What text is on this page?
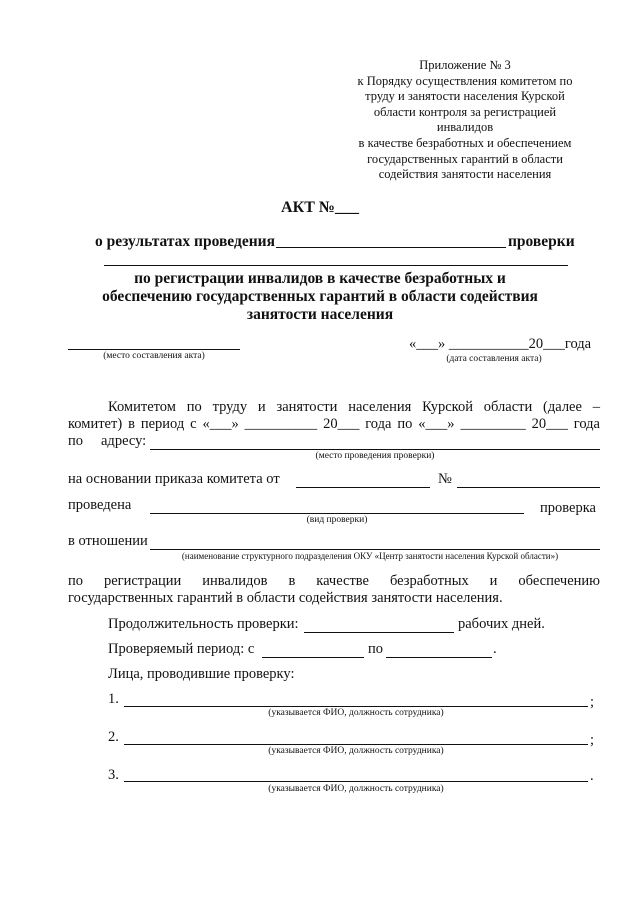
Приложение № 3
к Порядку осуществления комитетом по
труду и занятости населения Курской
области контроля за регистрацией инвалидов
в качестве безработных и обеспечением
государственных гарантий в области
содействия занятости населения
АКТ №___
о результатах проведения	проверки
по регистрации инвалидов в качестве безработных и
обеспечению государственных гарантий в области содействия
занятости населения
(место составления акта)
«___» ___________20___года
(дата составления акта)
Комитетом по труду и занятости населения Курской области (далее –
комитет) в период с «___» __________ 20___ года по «___» _________ 20___ года
по адресу:
(место проведения проверки)
на основании приказа комитета от	№
проведена	проверка
(вид проверки)
в отношении
(наименование структурного подразделения ОКУ «Центр занятости населения Курской области»)
по регистрации инвалидов в качестве безработных и обеспечению
государственных гарантий в области содействия занятости населения.
Продолжительность проверки:	рабочих дней.
Проверяемый период: с	по	.
Лица, проводившие проверку:
1.	;
(указывается ФИО, должность сотрудника)
2.	;
(указывается ФИО, должность сотрудника)
3.	.
(указывается ФИО, должность сотрудника)
